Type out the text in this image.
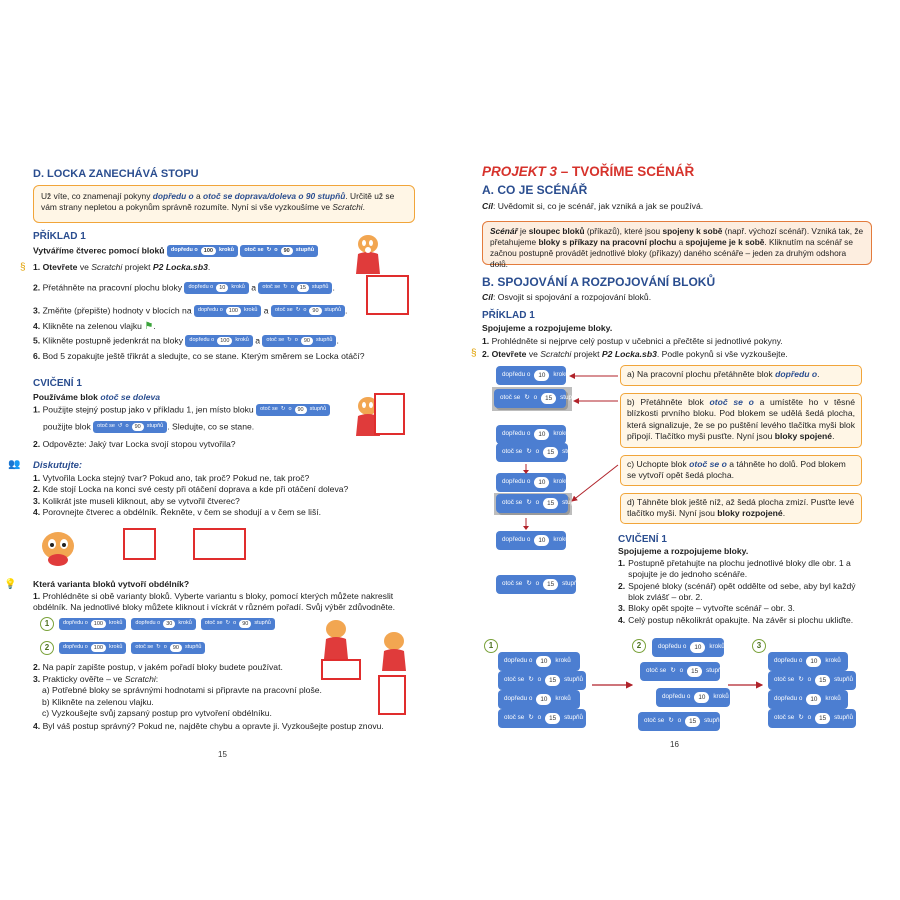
D. LOCKA ZANECHÁVÁ STOPU
Už víte, co znamenají pokyny dopředu o a otoč se doprava/doleva o 90 stupňů. Určitě už se vám strany nepletou a pokynům správně rozumíte. Nyní si vše vyzkoušíme ve Scratchi.
PŘÍKLAD 1
Vytváříme čtverec pomocí bloků dopředu o	100	kroků
otoč se ↻ o	90	stupňů
§ 1. Otevřete ve Scratchi projekt P2 Locka.sb3.
2. Přetáhněte na pracovní plochu bloky dopředu o	10	kroků a otoč se ↻ o	15	stupňů .
3. Změňte (přepište) hodnoty v blocích na dopředu o	100	kroků a otoč se ↻ o	90	stupňů .
4. Klikněte na zelenou vlajku ⚑.
5. Klikněte postupně jedenkrát na bloky dopředu o	100	kroků a otoč se ↻ o	90	stupňů .
6. Bod 5 zopakujte ještě třikrát a sledujte, co se stane. Kterým směrem se Locka otáčí?
CVIČENÍ 1
Používáme blok otoč se doleva
1. Použijte stejný postup jako v příkladu 1, jen místo bloku otoč se ↻ o	90	stupňů
použijte blok otoč se ↺ o	90	stupňů . Sledujte, co se stane.
2. Odpovězte: Jaký tvar Locka svojí stopou vytvořila?
👥 Diskutujte:
1. Vytvořila Locka stejný tvar? Pokud ano, tak proč? Pokud ne, tak proč?
2. Kde stojí Locka na konci své cesty při otáčení doprava a kde při otáčení doleva?
3. Kolikrát jste museli kliknout, aby se vytvořil čtverec?
4. Porovnejte čtverec a obdélník. Řekněte, v čem se shodují a v čem se liší.
💡 Která varianta bloků vytvoří obdélník?
1. Prohlédněte si obě varianty bloků. Vyberte variantu s bloky, pomocí kterých můžete nakreslit obdélník. Na jednotlivé bloky můžete kliknout i víckrát v různém pořadí. Svůj výběr zdůvodněte.
1	dopředu o	100	kroků dopředu o	30	kroků otoč se ↻ o	90	stupňů
2	dopředu o	100	kroků otoč se ↻ o	90	stupňů
2. Na papír zapište postup, v jakém pořadí bloky budete používat.
3. Prakticky ověřte – ve Scratchi:
a) Potřebné bloky se správnými hodnotami si připravte na pracovní ploše.
b) Klikněte na zelenou vlajku.
c) Vyzkoušejte svůj zapsaný postup pro vytvoření obdélníku.
4. Byl váš postup správný? Pokud ne, najděte chybu a opravte ji. Vyzkoušejte postup znovu.
15
PROJEKT 3 – TVOŘÍME SCÉNÁŘ
A. CO JE SCÉNÁŘ
Cíl: Uvědomit si, co je scénář, jak vzniká a jak se používá.
Scénář je sloupec bloků (příkazů), které jsou spojeny k sobě (např. výchozí scénář). Vzniká tak, že přetahujeme bloky s příkazy na pracovní plochu a spojujeme je k sobě. Kliknutím na scénář se začnou postupně provádět jednotlivé bloky (příkazy) daného scénáře – jeden za druhým odshora dolů.
B. SPOJOVÁNÍ A ROZPOJOVÁNÍ BLOKŮ
Cíl: Osvojit si spojování a rozpojování bloků.
PŘÍKLAD 1
Spojujeme a rozpojujeme bloky.
1. Prohlédněte si nejprve celý postup v učebnici a přečtěte si jednotlivé pokyny.
§ 2. Otevřete ve Scratchi projekt P2 Locka.sb3. Podle pokynů si vše vyzkoušejte.
dopředu o	10	kroků
otoč se ↻ o	15	stupňů
dopředu o	10	kroků
otoč se ↻ o	15	stupňů
dopředu o	10	kroků
otoč se ↻ o	15	stupňů
dopředu o	10	kroků
otoč se ↻ o	15	stupňů
a) Na pracovní plochu přetáhněte blok dopředu o.
b) Přetáhněte blok otoč se o a umístěte ho v těsné blízkosti prvního bloku. Pod blokem se udělá šedá plocha, která signalizuje, že se po puštění levého tlačítka myši blok připojí. Tlačítko myši pusťte. Nyní jsou bloky spojené.
c) Uchopte blok otoč se o a táhněte ho dolů. Pod blokem se vytvoří opět šedá plocha.
d) Táhněte blok ještě níž, až šedá plocha zmizí. Pusťte levé tlačítko myši. Nyní jsou bloky rozpojené.
CVIČENÍ 1
Spojujeme a rozpojujeme bloky.
1. Postupně přetahujte na plochu jednotlivé bloky dle obr. 1 a spojujte je do jednoho scénáře.
2. Spojené bloky (scénář) opět oddělte od sebe, aby byl každý blok zvlášť – obr. 2.
3. Bloky opět spojte – vytvořte scénář – obr. 3.
4. Celý postup několikrát opakujte. Na závěr si plochu ukliďte.
1	2	3
dopředu o	10	kroků
otoč se ↻ o	15	stupňů
dopředu o	10	kroků
otoč se ↻ o	15	stupňů
dopředu o	10	kroků
otoč se ↻ o	15	stupňů
dopředu o	10	kroků
otoč se ↻ o	15	stupňů
dopředu o	10	kroků
otoč se ↻ o	15	stupňů
dopředu o	10	kroků
otoč se ↻ o	15	stupňů
16
